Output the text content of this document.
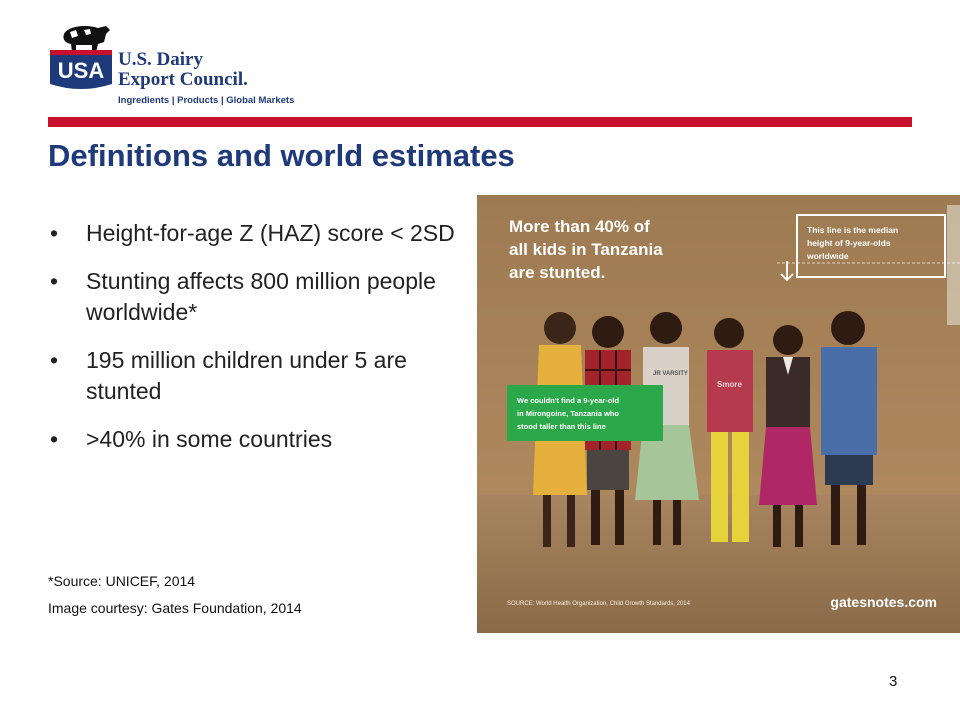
USA U.S. Dairy
Export Council.
Ingredients | Products | Global Markets
Definitions and world estimates
• Height-for-age Z (HAZ) score < 2SD
• Stunting affects 800 million people worldwide*
• 195 million children under 5 are stunted
• >40% in some countries
*Source: UNICEF, 2014
Image courtesy: Gates Foundation, 2014
More than 40% of
all kids in Tanzania
are stunted.
This line is the median
height of 9-year-olds
worldwide
JR VARSITY
Smore
We couldn't find a 9-year-old
in Mirongoine, Tanzania who
stood taller than this line
SOURCE: World Health Organization, Child Growth Standards, 2014	gatesnotes.com
3
